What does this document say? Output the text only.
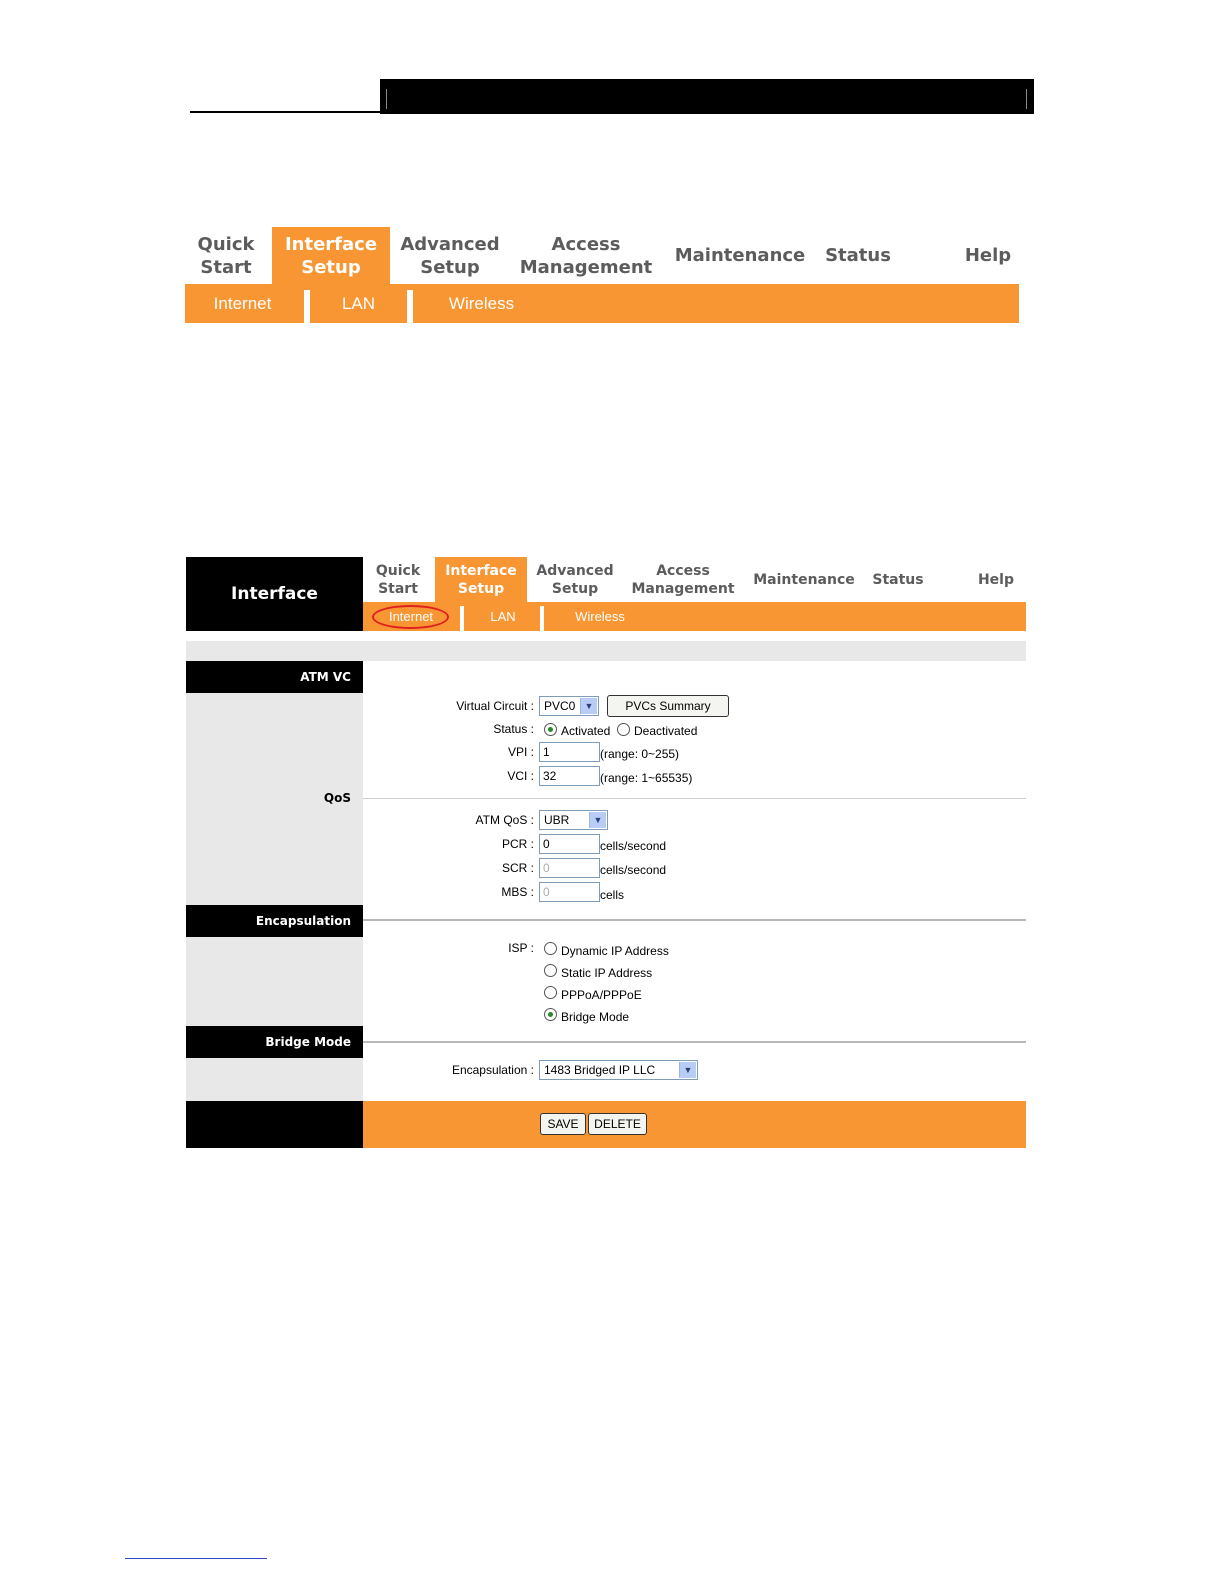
Quick
Start
Interface
Setup
Advanced
Setup
Access
Management
Maintenance	Status	Help
Internet	LAN	Wireless
Interface
Quick
Start
Interface
Setup
Advanced
Setup
Access
Management
Maintenance	Status	Help
Internet	LAN	Wireless
ATM VC
Virtual Circuit : PVC0	▼	PVCs Summary
Status : Activated Deactivated
VPI : 1	(range: 0~255)
VCI : 32	(range: 1~65535)
QoS
ATM QoS : UBR	▼
PCR : 0	cells/second
SCR : 0	cells/second
MBS : 0	cells
Encapsulation
ISP : Dynamic IP Address
Static IP Address
PPPoA/PPPoE
Bridge Mode
Bridge Mode
Encapsulation : 1483 Bridged IP LLC	▼
SAVE	DELETE
